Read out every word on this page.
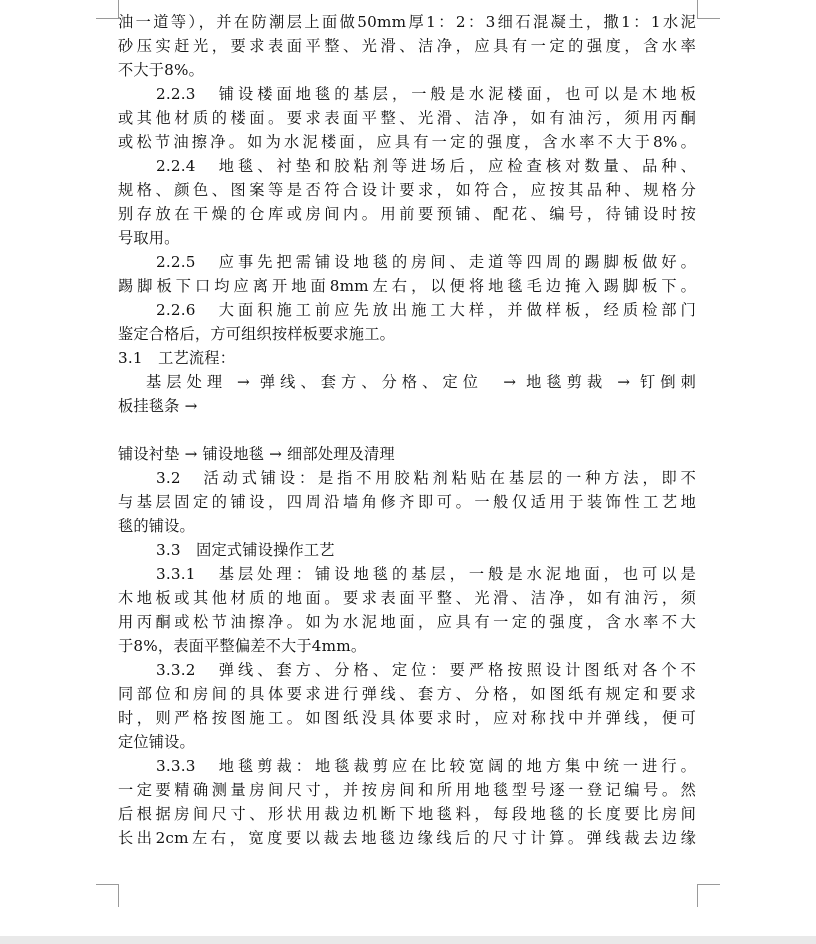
油一道等），并在防潮层上面做50mm厚1：2：3细石混凝土，撒1：1水泥
砂压实赶光，要求表面平整、光滑、洁净，应具有一定的强度，含水率
不大于8%。
2.2.3　铺设楼面地毯的基层，一般是水泥楼面，也可以是木地板
或其他材质的楼面。要求表面平整、光滑、洁净，如有油污，须用丙酮
或松节油擦净。如为水泥楼面，应具有一定的强度，含水率不大于8%。
2.2.4　地毯、衬垫和胶粘剂等进场后，应检查核对数量、品种、
规格、颜色、图案等是否符合设计要求，如符合，应按其品种、规格分
别存放在干燥的仓库或房间内。用前要预铺、配花、编号，待铺设时按
号取用。
2.2.5　应事先把需铺设地毯的房间、走道等四周的踢脚板做好。
踢脚板下口均应离开地面8mm左右，以便将地毯毛边掩入踢脚板下。
2.2.6　大面积施工前应先放出施工大样，并做样板，经质检部门
鉴定合格后，方可组织按样板要求施工。
3.1　工艺流程：
基层处理 → 弹线、套方、分格、定位　→ 地毯剪裁 → 钉倒刺
板挂毯条 →
铺设衬垫 → 铺设地毯 → 细部处理及清理
3.2　活动式铺设：是指不用胶粘剂粘贴在基层的一种方法，即不
与基层固定的铺设，四周沿墙角修齐即可。一般仅适用于装饰性工艺地
毯的铺设。
3.3　固定式铺设操作工艺
3.3.1　基层处理：铺设地毯的基层，一般是水泥地面，也可以是
木地板或其他材质的地面。要求表面平整、光滑、洁净，如有油污，须
用丙酮或松节油擦净。如为水泥地面，应具有一定的强度，含水率不大
于8%，表面平整偏差不大于4mm。
3.3.2　弹线、套方、分格、定位：要严格按照设计图纸对各个不
同部位和房间的具体要求进行弹线、套方、分格，如图纸有规定和要求
时，则严格按图施工。如图纸没具体要求时，应对称找中并弹线，便可
定位铺设。
3.3.3　地毯剪裁：地毯裁剪应在比较宽阔的地方集中统一进行。
一定要精确测量房间尺寸，并按房间和所用地毯型号逐一登记编号。然
后根据房间尺寸、形状用裁边机断下地毯料，每段地毯的长度要比房间
长出2cm左右，宽度要以裁去地毯边缘线后的尺寸计算。弹线裁去边缘
